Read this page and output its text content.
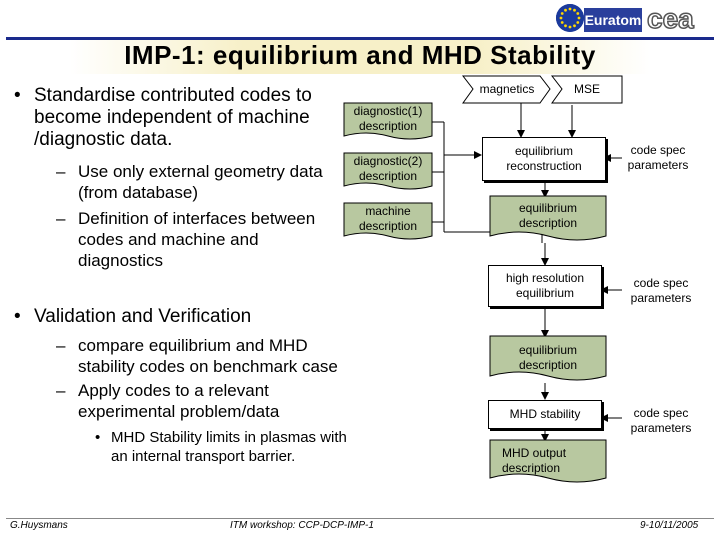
Euratom cea
IMP-1: equilibrium and MHD Stability
• Standardise contributed codes to become independent of machine /diagnostic data.
– Use only external geometry data (from database)
– Definition of interfaces between codes and machine and diagnostics
• Validation and Verification
– compare equilibrium and MHD stability codes on benchmark case
– Apply codes to a relevant experimental problem/data
• MHD Stability limits in plasmas with an internal transport barrier.
diagnostic(1) description
diagnostic(2) description
machine description
magnetics	MSE
equilibrium reconstruction
code spec parameters
equilibrium description
high resolution equilibrium
code spec parameters
equilibrium description
MHD stability	code spec parameters
MHD output description
G.Huysmans	ITM workshop: CCP-DCP-IMP-1	9-10/11/2005
